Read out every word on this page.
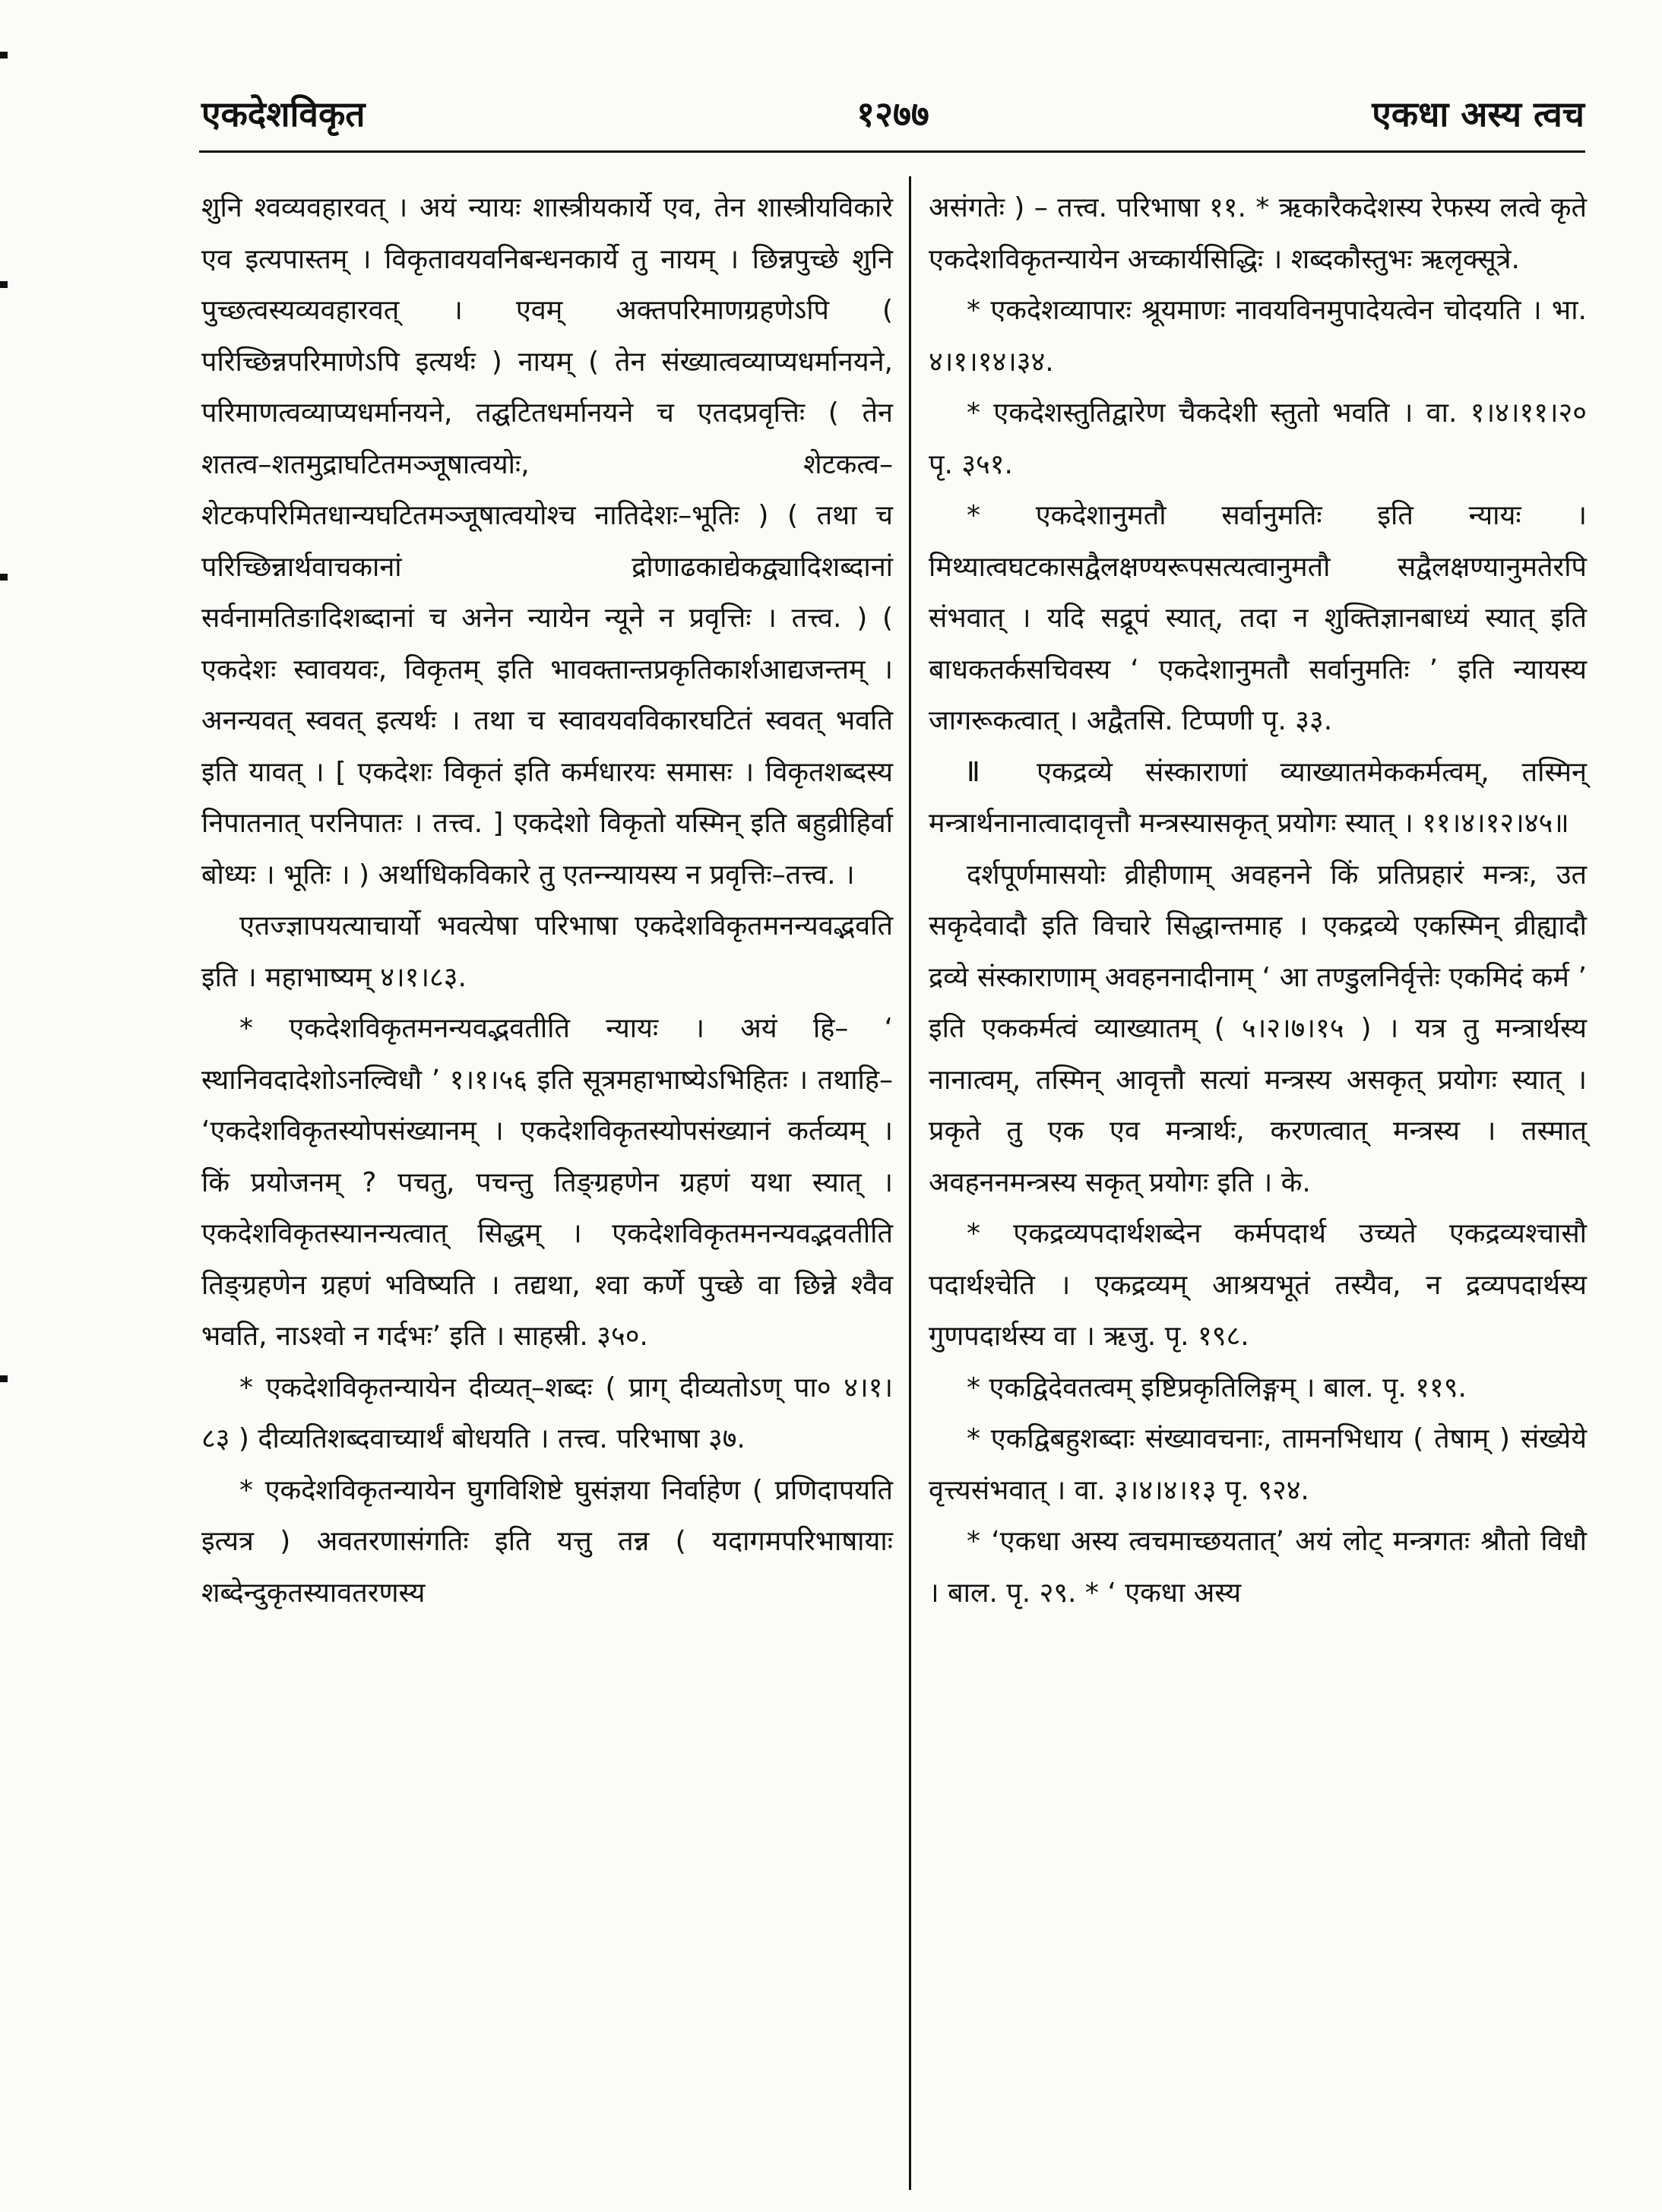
एकदेशविकृत	१२७७	एकधा अस्य त्वच

शुनि श्वव्यवहारवत् । अयं न्यायः शास्त्रीयकार्ये एव, तेन शास्त्रीयविकारे एव इत्यपास्तम् । विकृतावयवनिबन्धनकार्ये तु नायम् । छिन्नपुच्छे शुनि पुच्छत्वस्यव्यवहारवत् । एवम् अक्तपरिमाणग्रहणेऽपि ( परिच्छिन्नपरिमाणेऽपि इत्यर्थः ) नायम् ( तेन संख्यात्वव्याप्यधर्मानयने, परिमाणत्वव्याप्यधर्मानयने, तद्घटितधर्मानयने च एतदप्रवृत्तिः ( तेन शतत्व–शतमुद्राघटितमञ्जूषात्वयोः, शेटकत्व–शेटकपरिमितधान्यघटितमञ्जूषात्वयोश्च नातिदेशः–भूतिः ) ( तथा च परिच्छिन्नार्थवाचकानां द्रोणाढकाद्येकद्व्यादिशब्दानां सर्वनामतिङादिशब्दानां च अनेन न्यायेन न्यूने न प्रवृत्तिः । तत्त्व. ) ( एकदेशः स्वावयवः, विकृतम् इति भावक्तान्तप्रकृतिकार्शआद्यजन्तम् । अनन्यवत् स्ववत् इत्यर्थः । तथा च स्वावयवविकारघटितं स्ववत् भवति इति यावत् । [ एकदेशः विकृतं इति कर्मधारयः समासः । विकृतशब्दस्य निपातनात् परनिपातः । तत्त्व. ] एकदेशो विकृतो यस्मिन् इति बहुव्रीहिर्वा बोध्यः । भूतिः । ) अर्थाधिकविकारे तु एतन्न्यायस्य न प्रवृत्तिः–तत्त्व. ।

एतज्ज्ञापयत्याचार्यो भवत्येषा परिभाषा एकदेशविकृतमनन्यवद्भवति इति । महाभाष्यम् ४।१।८३.

* एकदेशविकृतमनन्यवद्भवतीति न्यायः । अयं हि– ‘ स्थानिवदादेशोऽनल्विधौ ’ १।१।५६ इति सूत्रमहाभाष्येऽभिहितः । तथाहि– ‘एकदेशविकृतस्योपसंख्यानम् । एकदेशविकृतस्योपसंख्यानं कर्तव्यम् । किं प्रयोजनम् ? पचतु, पचन्तु तिङ्ग्रहणेन ग्रहणं यथा स्यात् । एकदेशविकृतस्यानन्यत्वात् सिद्धम् । एकदेशविकृतमनन्यवद्भवतीति तिङ्ग्रहणेन ग्रहणं भविष्यति । तद्यथा, श्वा कर्णे पुच्छे वा छिन्ने श्वैव भवति, नाऽश्वो न गर्दभः’ इति । साहस्री. ३५०.

* एकदेशविकृतन्यायेन दीव्यत्–शब्दः ( प्राग् दीव्यतोऽण् पा० ४।१।८३ ) दीव्यतिशब्दवाच्यार्थं बोधयति । तत्त्व. परिभाषा ३७.

* एकदेशविकृतन्यायेन घुगविशिष्टे घुसंज्ञया निर्वाहेण ( प्रणिदापयति इत्यत्र ) अवतरणासंगतिः इति यत्तु तन्न ( यदागमपरिभाषायाः शब्देन्दुकृतस्यावतरणस्य

असंगतेः ) – तत्त्व. परिभाषा ११. * ऋकारैकदेशस्य रेफस्य लत्वे कृते एकदेशविकृतन्यायेन अच्कार्यसिद्धिः । शब्दकौस्तुभः ऋलृक्सूत्रे.

* एकदेशव्यापारः श्रूयमाणः नावयविनमुपादेयत्वेन चोदयति । भा. ४।१।१४।३४.

* एकदेशस्तुतिद्वारेण चैकदेशी स्तुतो भवति । वा. १।४।११।२० पृ. ३५१.

* एकदेशानुमतौ सर्वानुमतिः इति न्यायः । मिथ्यात्वघटकासद्वैलक्षण्यरूपसत्यत्वानुमतौ सद्वैलक्षण्यानुमतेरपि संभवात् । यदि सद्रूपं स्यात्, तदा न शुक्तिज्ञानबाध्यं स्यात् इति बाधकतर्कसचिवस्य ‘ एकदेशानुमतौ सर्वानुमतिः ’ इति न्यायस्य जागरूकत्वात् । अद्वैतसि. टिप्पणी पृ. ३३.

Ⅱ एकद्रव्ये संस्काराणां व्याख्यातमेककर्मत्वम्, तस्मिन् मन्त्रार्थनानात्वादावृत्तौ मन्त्रस्यासकृत् प्रयोगः स्यात् । ११।४।१२।४५॥

दर्शपूर्णमासयोः व्रीहीणाम् अवहनने किं प्रतिप्रहारं मन्त्रः, उत सकृदेवादौ इति विचारे सिद्धान्तमाह । एकद्रव्ये एकस्मिन् व्रीह्यादौ द्रव्ये संस्काराणाम् अवहननादीनाम् ‘ आ तण्डुलनिर्वृत्तेः एकमिदं कर्म ’ इति एककर्मत्वं व्याख्यातम् ( ५।२।७।१५ ) । यत्र तु मन्त्रार्थस्य नानात्वम्, तस्मिन् आवृत्तौ सत्यां मन्त्रस्य असकृत् प्रयोगः स्यात् । प्रकृते तु एक एव मन्त्रार्थः, करणत्वात् मन्त्रस्य । तस्मात् अवहननमन्त्रस्य सकृत् प्रयोगः इति । के.

* एकद्रव्यपदार्थशब्देन कर्मपदार्थ उच्यते एकद्रव्यश्चासौ पदार्थश्चेति । एकद्रव्यम् आश्रयभूतं तस्यैव, न द्रव्यपदार्थस्य गुणपदार्थस्य वा । ऋजु. पृ. १९८.

* एकद्विदेवतत्वम् इष्टिप्रकृतिलिङ्गम् । बाल. पृ. ११९.

* एकद्विबहुशब्दाः संख्यावचनाः, तामनभिधाय ( तेषाम् ) संख्येये वृत्त्यसंभवात् । वा. ३।४।४।१३ पृ. ९२४.

* ‘एकधा अस्य त्वचमाच्छयतात्’ अयं लोट् मन्त्रगतः श्रौतो विधौ । बाल. पृ. २९. * ‘ एकधा अस्य
